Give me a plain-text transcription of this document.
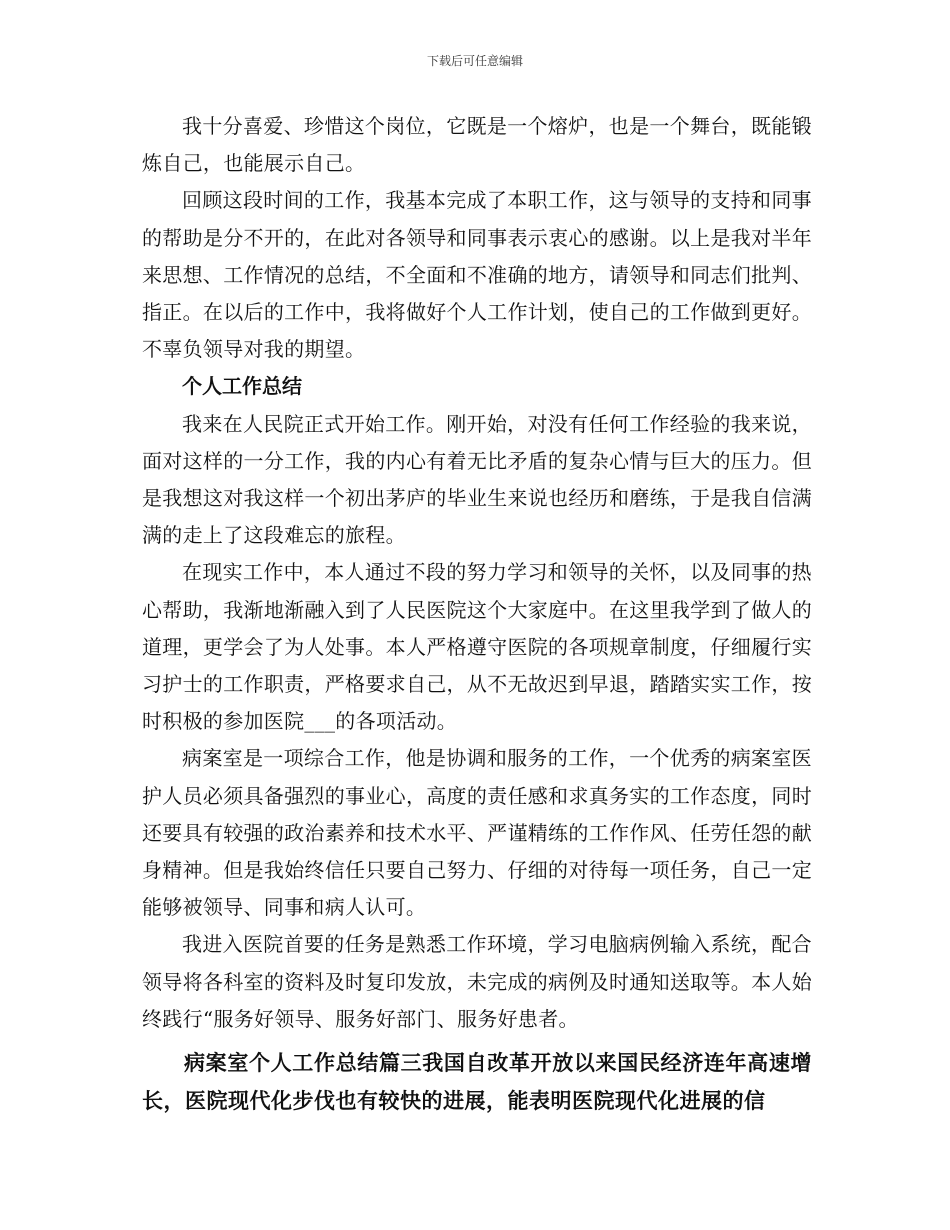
下载后可任意编辑

我十分喜爱、珍惜这个岗位，它既是一个熔炉，也是一个舞台，既能锻炼自己，也能展示自己。

回顾这段时间的工作，我基本完成了本职工作，这与领导的支持和同事的帮助是分不开的，在此对各领导和同事表示衷心的感谢。以上是我对半年来思想、工作情况的总结，不全面和不准确的地方，请领导和同志们批判、指正。在以后的工作中，我将做好个人工作计划，使自己的工作做到更好。不辜负领导对我的期望。

个人工作总结

我来在人民院正式开始工作。刚开始，对没有任何工作经验的我来说，面对这样的一分工作，我的内心有着无比矛盾的复杂心情与巨大的压力。但是我想这对我这样一个初出茅庐的毕业生来说也经历和磨练，于是我自信满满的走上了这段难忘的旅程。

在现实工作中，本人通过不段的努力学习和领导的关怀，以及同事的热心帮助，我渐地渐融入到了人民医院这个大家庭中。在这里我学到了做人的道理，更学会了为人处事。本人严格遵守医院的各项规章制度，仔细履行实习护士的工作职责，严格要求自己，从不无故迟到早退，踏踏实实工作，按时积极的参加医院___的各项活动。

病案室是一项综合工作，他是协调和服务的工作，一个优秀的病案室医护人员必须具备强烈的事业心，高度的责任感和求真务实的工作态度，同时还要具有较强的政治素养和技术水平、严谨精练的工作作风、任劳任怨的献身精神。但是我始终信任只要自己努力、仔细的对待每一项任务，自己一定能够被领导、同事和病人认可。

我进入医院首要的任务是熟悉工作环境，学习电脑病例输入系统，配合领导将各科室的资料及时复印发放，未完成的病例及时通知送取等。本人始终践行“服务好领导、服务好部门、服务好患者。

病案室个人工作总结篇三我国自改革开放以来国民经济连年高速增长，医院现代化步伐也有较快的进展，能表明医院现代化进展的信
